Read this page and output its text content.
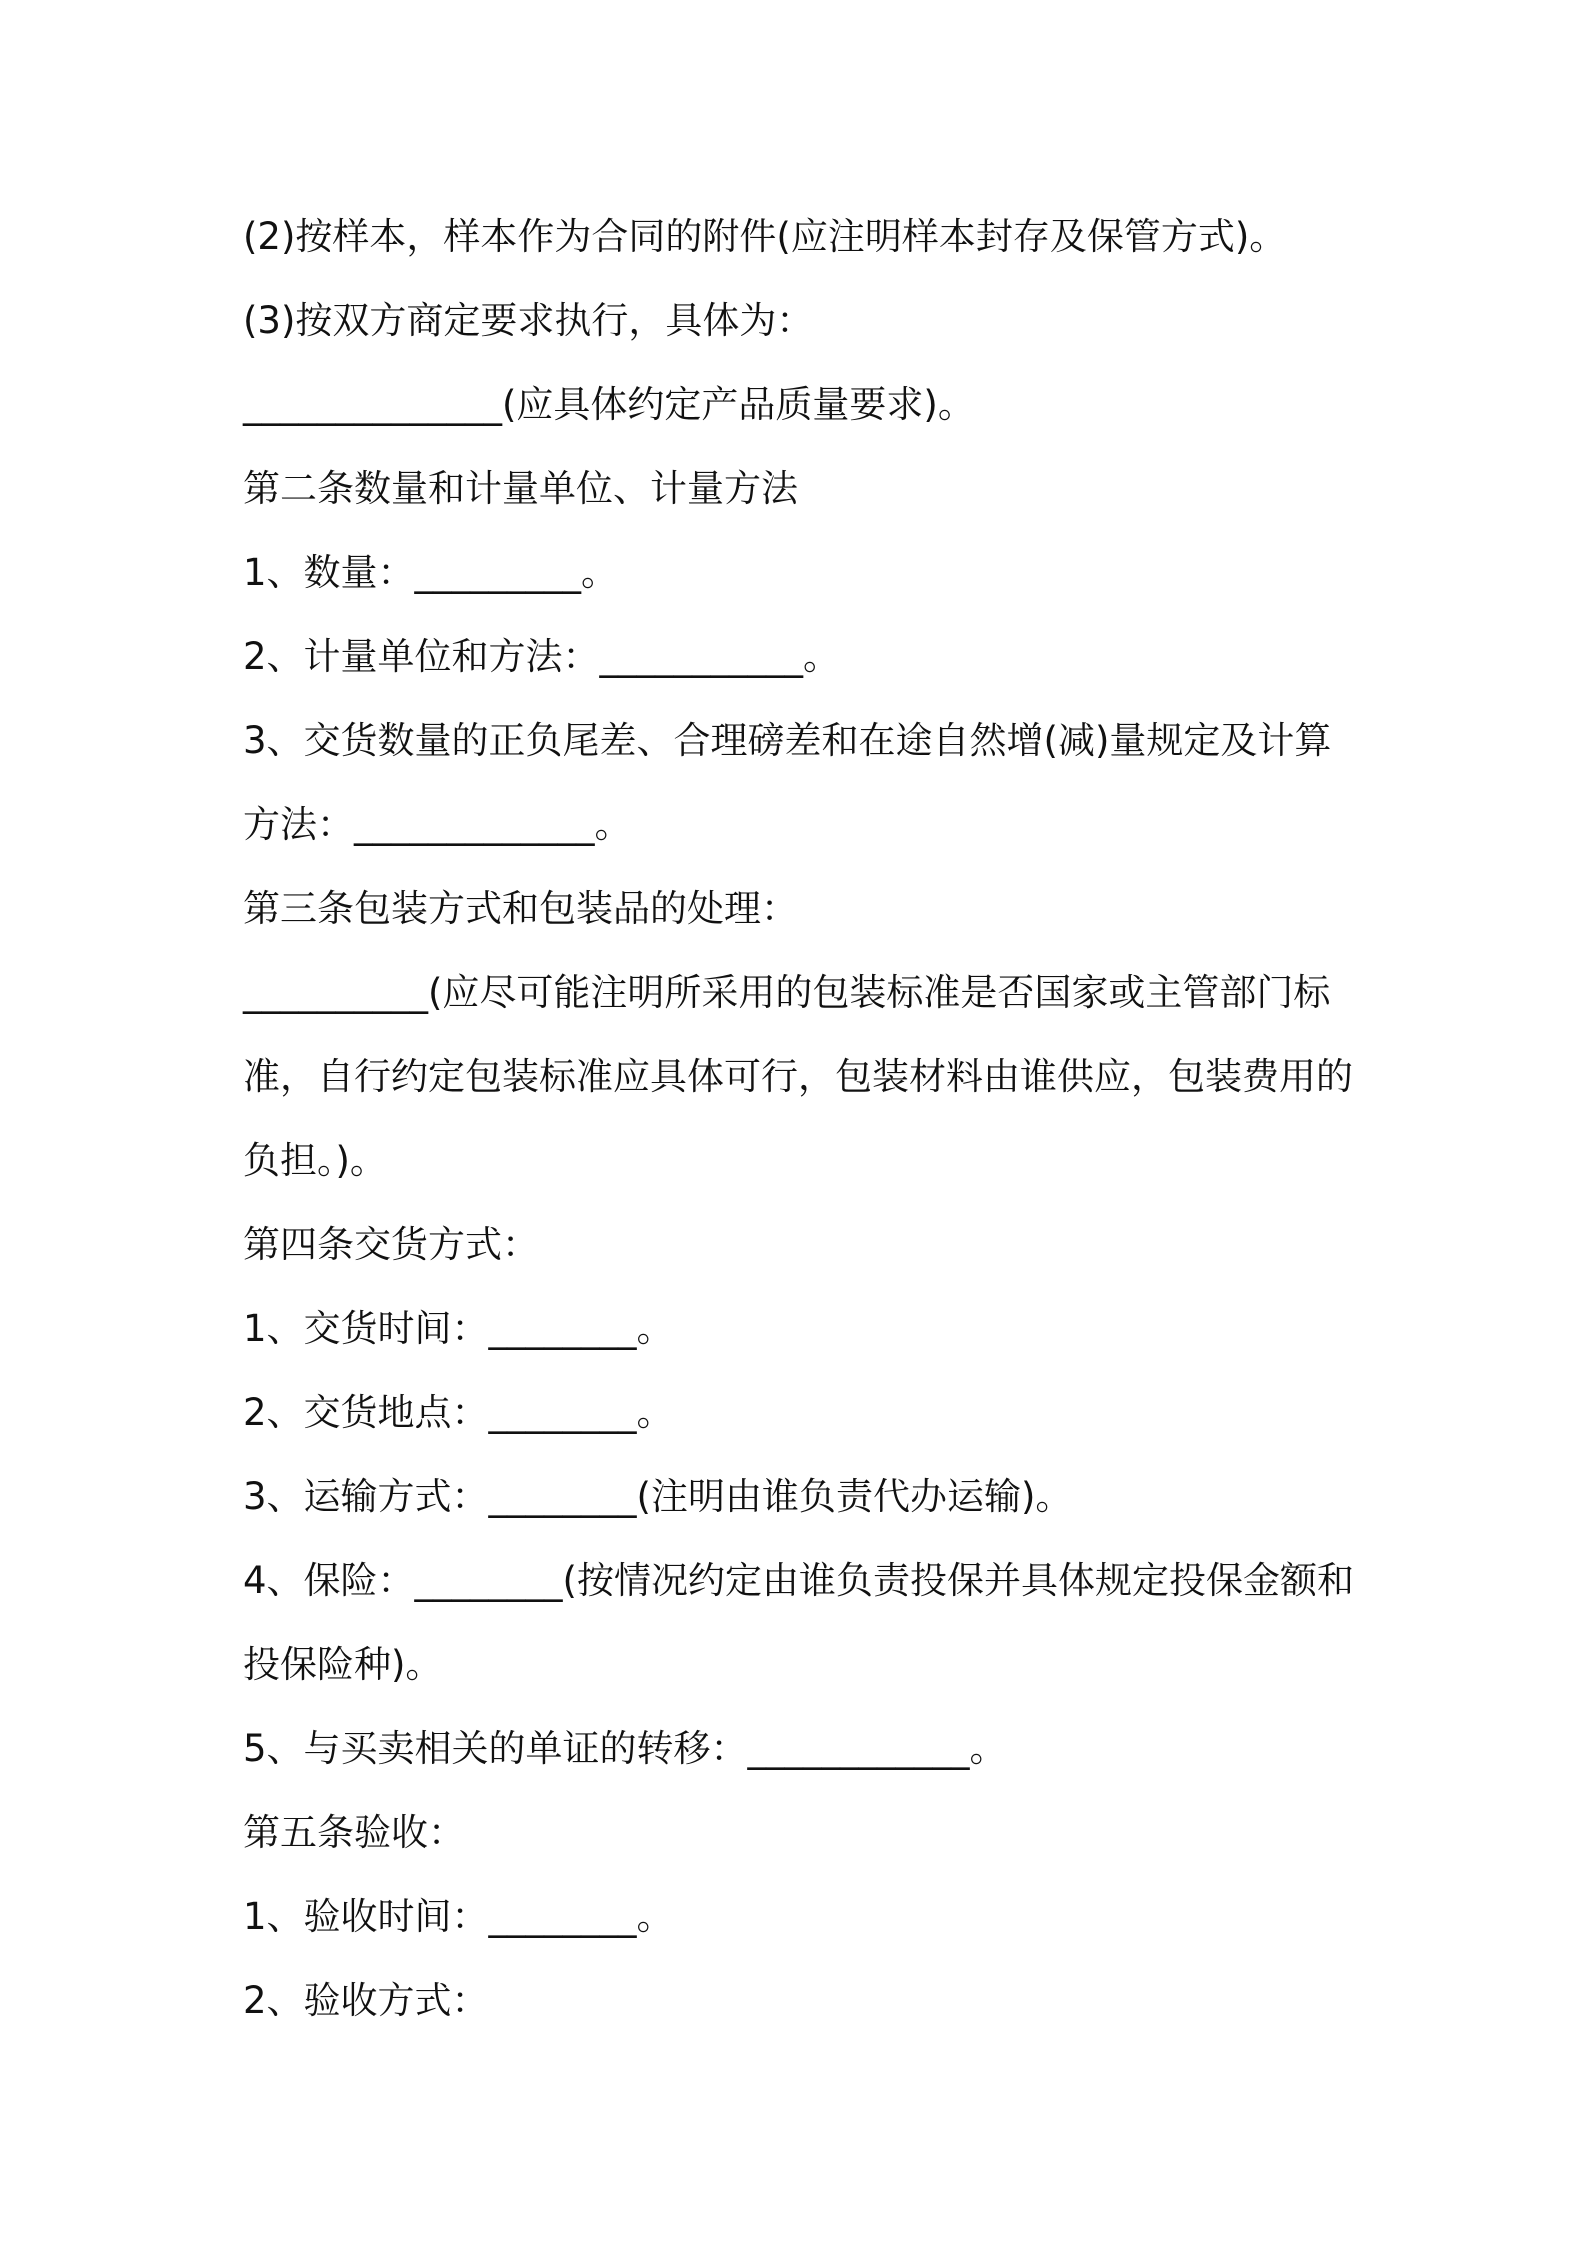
(2)按样本，样本作为合同的附件(应注明样本封存及保管方式)。

(3)按双方商定要求执行，具体为：

______________(应具体约定产品质量要求)。

第二条数量和计量单位、计量方法

1、数量：_________。

2、计量单位和方法：___________。

3、交货数量的正负尾差、合理磅差和在途自然增(减)量规定及计算

方法：_____________。

第三条包装方式和包装品的处理：

__________(应尽可能注明所采用的包装标准是否国家或主管部门标

准，自行约定包装标准应具体可行，包装材料由谁供应，包装费用的

负担。)。

第四条交货方式：

1、交货时间：________。

2、交货地点：________。

3、运输方式：________(注明由谁负责代办运输)。

4、保险：________(按情况约定由谁负责投保并具体规定投保金额和

投保险种)。

5、与买卖相关的单证的转移：____________。

第五条验收：

1、验收时间：________。

2、验收方式：
